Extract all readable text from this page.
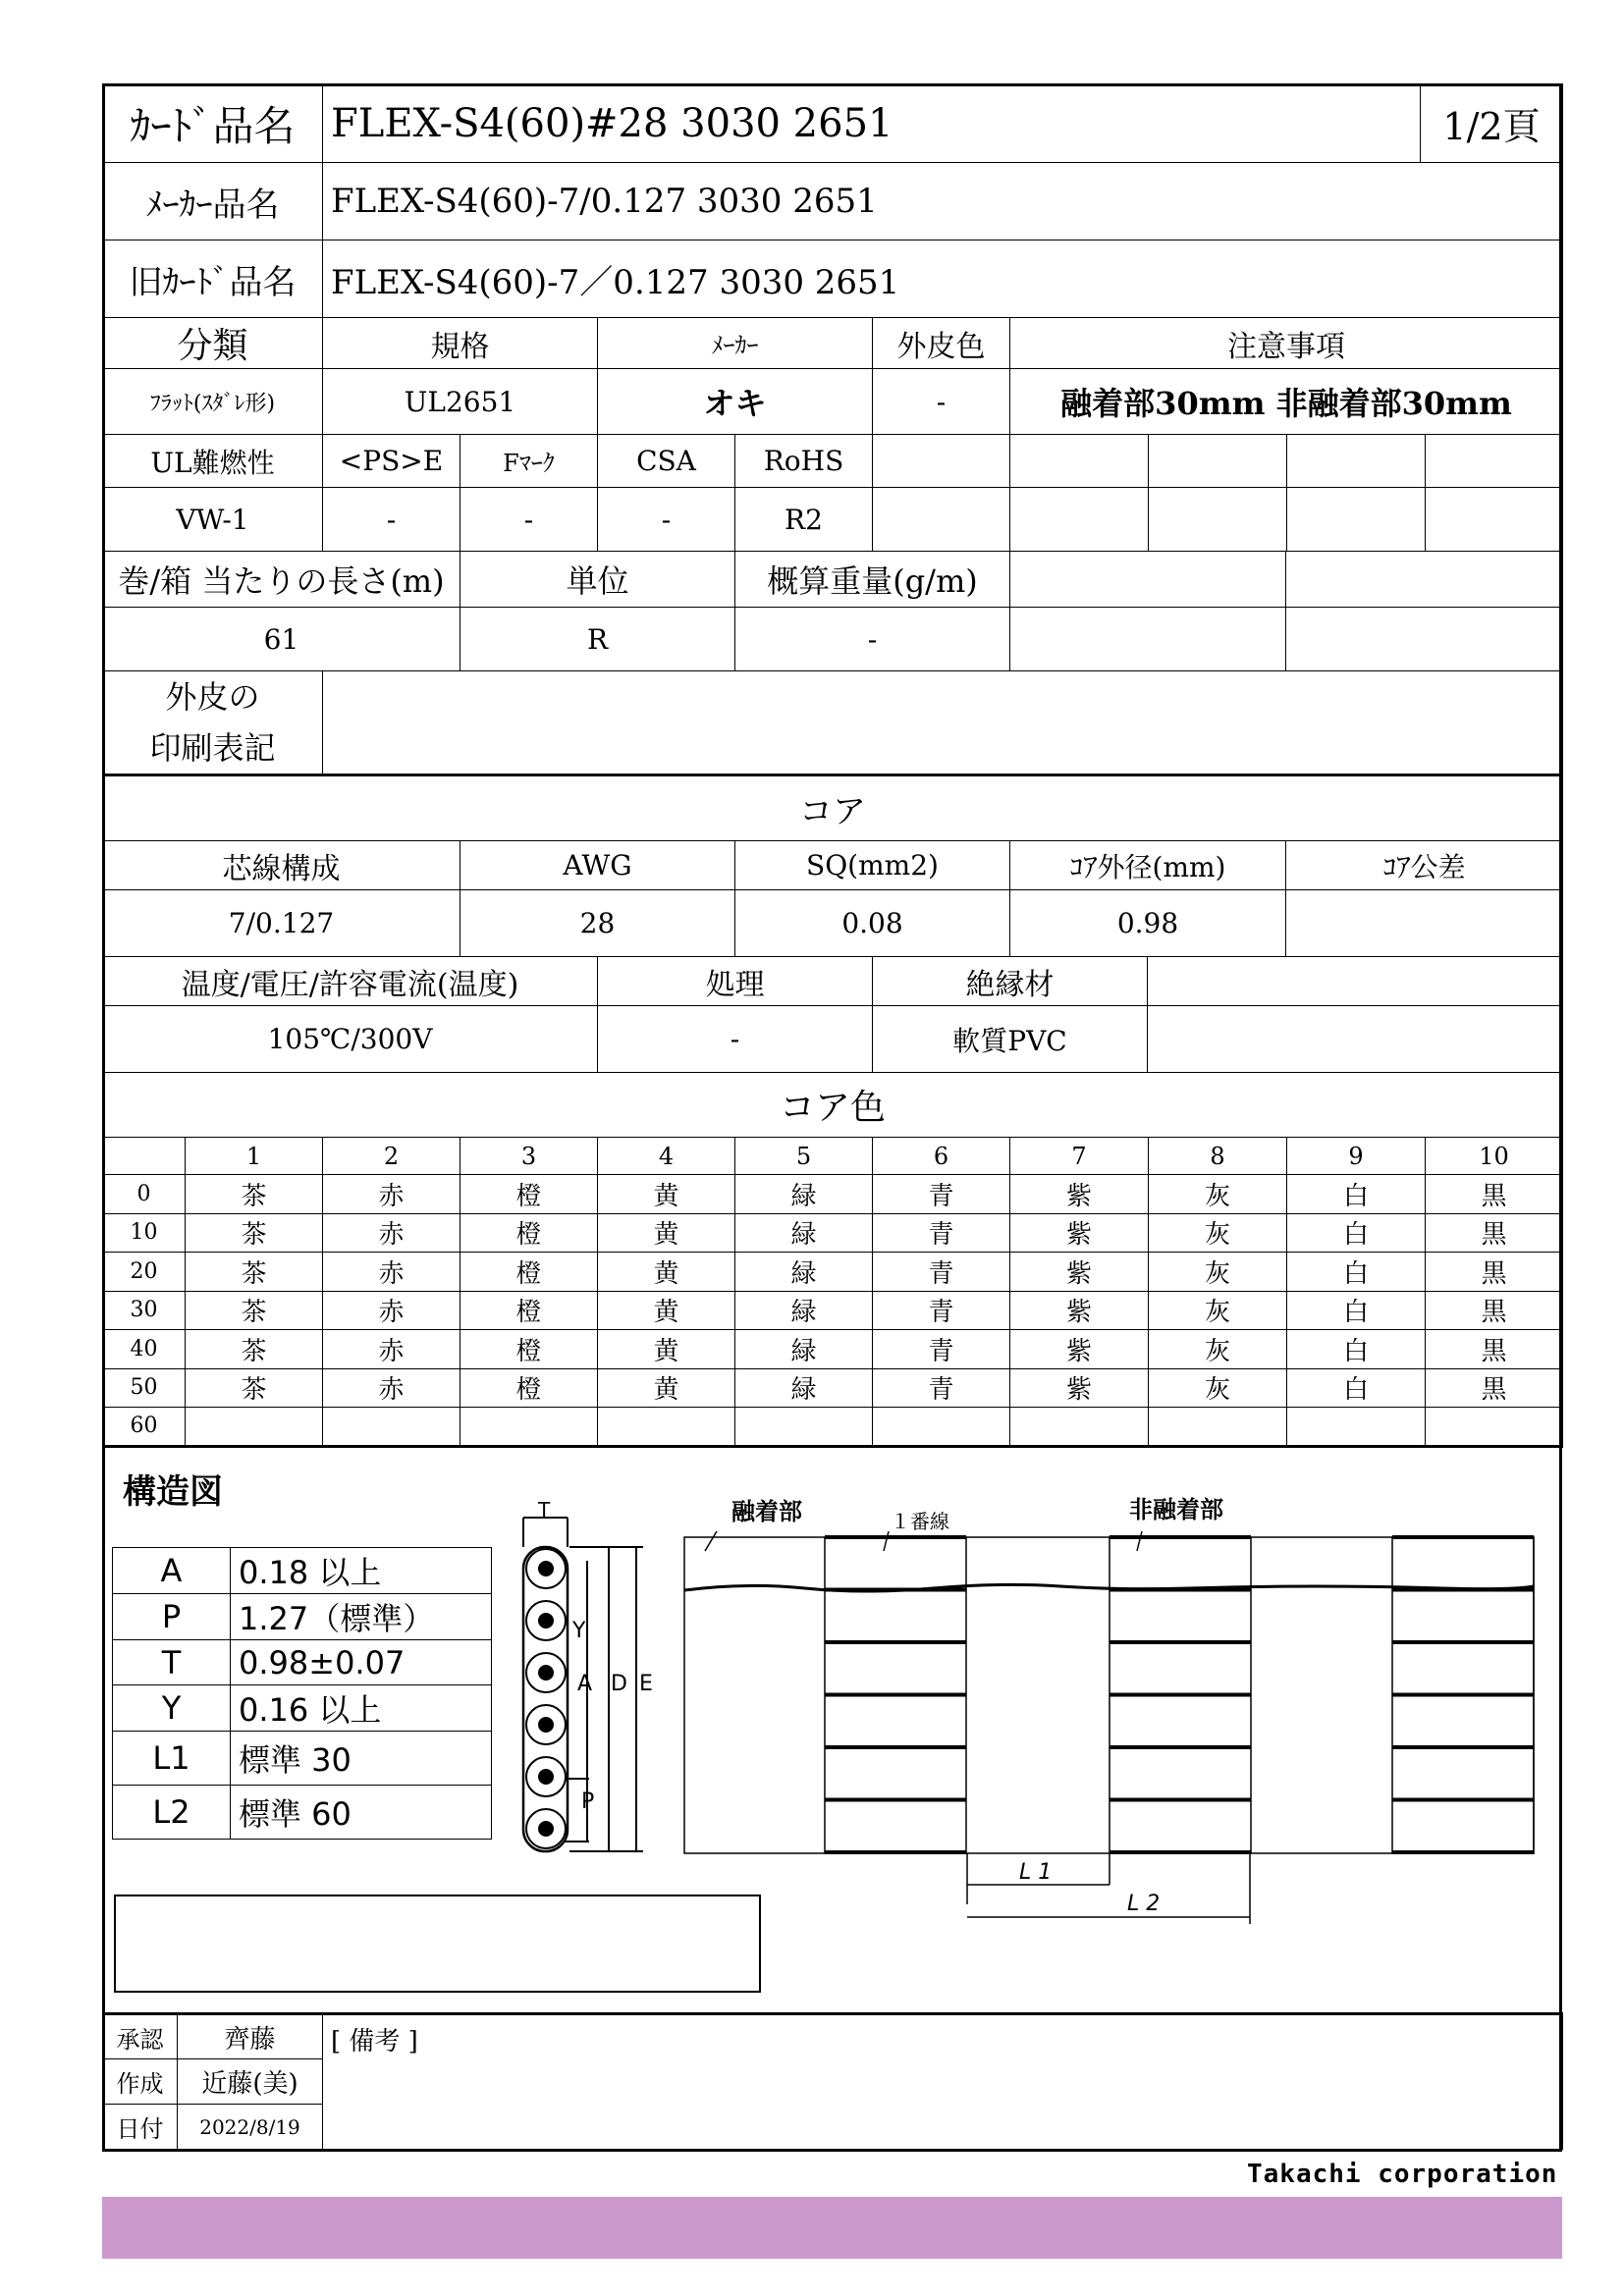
ｶｰﾄﾞ品名	FLEX-S4(60)#28 3030 2651	1/2頁
ﾒｰｶｰ品名	FLEX-S4(60)-7/0.127 3030 2651	
旧ｶｰﾄﾞ品名	FLEX-S4(60)-7／0.127 3030 2651	
分類	規格	ﾒｰｶｰ	外皮色	注意事項
ﾌﾗｯﾄ(ｽﾀﾞﾚ形)	UL2651	オキ	-	融着部30mm 非融着部30mm
UL難燃性	<PS>E	Fﾏｰｸ	CSA	RoHS					
VW-1	-	-	-	R2					
巻/箱 当たりの長さ(m)	単位	概算重量(g/m)		
61	R	-		
外皮の
印刷表記

コア				
芯線構成	AWG	SQ(mm2)	ｺｱ外径(mm)	ｺｱ公差
7/0.127	28	0.08	0.98	
温度/電圧/許容電流(温度)	処理	絶縁材	
105℃/300V	-	軟質PVC	
コア色										
	1	2	3	4	5	6	7	8	9	10
0	茶	赤	橙	黄	緑	青	紫	灰	白	黒
10	茶	赤	橙	黄	緑	青	紫	灰	白	黒
20	茶	赤	橙	黄	緑	青	紫	灰	白	黒
30	茶	赤	橙	黄	緑	青	紫	灰	白	黒
40	茶	赤	橙	黄	緑	青	紫	灰	白	黒
50	茶	赤	橙	黄	緑	青	紫	灰	白	黒
60										
構造図
A	0.18 以上
P	1.27（標準）
T	0.98±0.07
Y	0.16 以上
L1	標準 30
L2	標準 60
T
Y
A D E
P
融着部	１番線	非融着部
L 1
L 2
承認	齊藤	[ 備考 ]
作成	近藤(美)	
日付	2022/8/19	
Takachi corporation
